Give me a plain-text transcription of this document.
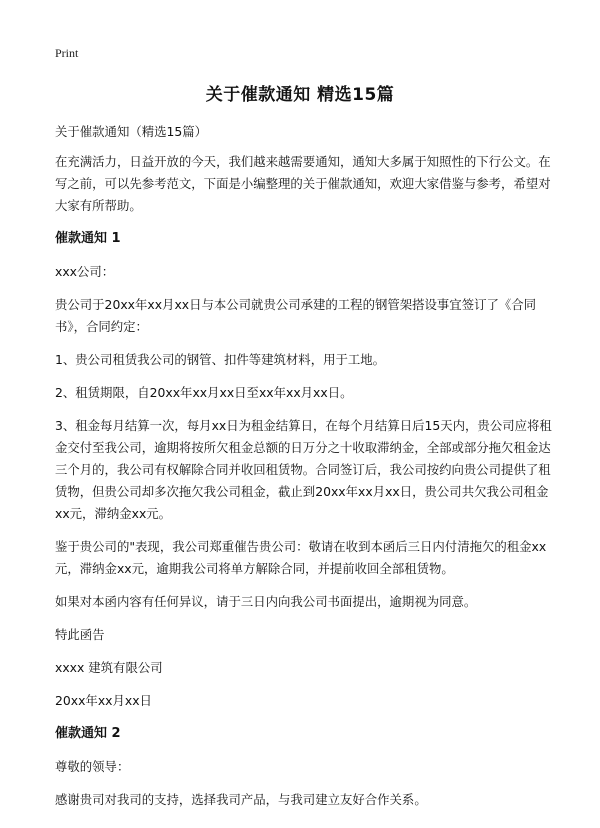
Print
关于催款通知 精选15篇

关于催款通知（精选15篇）

在充满活力，日益开放的今天，我们越来越需要通知，通知大多属于知照性的下行公文。在写之前，可以先参考范文，下面是小编整理的关于催款通知，欢迎大家借鉴与参考，希望对大家有所帮助。

催款通知 1

xxx公司：

贵公司于20xx年xx月xx日与本公司就贵公司承建的工程的钢管架搭设事宜签订了《合同书》，合同约定：

1、贵公司租赁我公司的钢管、扣件等建筑材料，用于工地。

2、租赁期限，自20xx年xx月xx日至xx年xx月xx日。

3、租金每月结算一次，每月xx日为租金结算日，在每个月结算日后15天内，贵公司应将租金交付至我公司，逾期将按所欠租金总额的日万分之十收取滞纳金，全部或部分拖欠租金达三个月的，我公司有权解除合同并收回租赁物。合同签订后，我公司按约向贵公司提供了租赁物，但贵公司却多次拖欠我公司租金，截止到20xx年xx月xx日，贵公司共欠我公司租金xx元，滞纳金xx元。

鉴于贵公司的"表现，我公司郑重催告贵公司：敬请在收到本函后三日内付清拖欠的租金xx元，滞纳金xx元，逾期我公司将单方解除合同，并提前收回全部租赁物。

如果对本函内容有任何异议，请于三日内向我公司书面提出，逾期视为同意。

特此函告

xxxx 建筑有限公司

20xx年xx月xx日

催款通知 2

尊敬的领导：

感谢贵司对我司的支持，选择我司产品，与我司建立友好合作关系。
